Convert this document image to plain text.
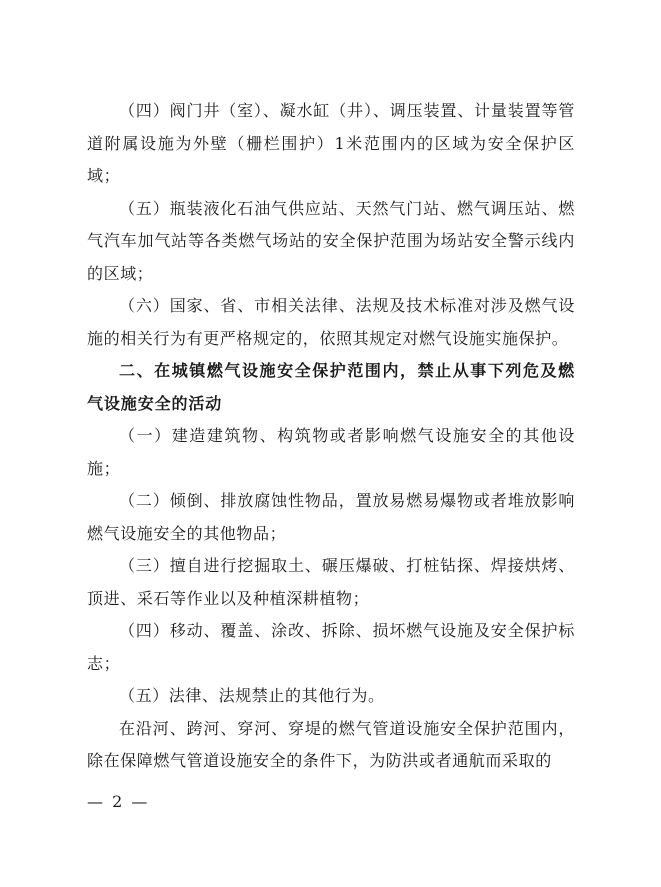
（四）阀门井（室）、凝水缸（井）、调压装置、计量装置等管道附属设施为外壁（栅栏围护）1米范围内的区域为安全保护区域；

（五）瓶装液化石油气供应站、天然气门站、燃气调压站、燃气汽车加气站等各类燃气场站的安全保护范围为场站安全警示线内的区域；

（六）国家、省、市相关法律、法规及技术标准对涉及燃气设施的相关行为有更严格规定的，依照其规定对燃气设施实施保护。

二、在城镇燃气设施安全保护范围内，禁止从事下列危及燃气设施安全的活动

（一）建造建筑物、构筑物或者影响燃气设施安全的其他设施；

（二）倾倒、排放腐蚀性物品，置放易燃易爆物或者堆放影响燃气设施安全的其他物品；

（三）擅自进行挖掘取土、碾压爆破、打桩钻探、焊接烘烤、顶进、采石等作业以及种植深耕植物；

（四）移动、覆盖、涂改、拆除、损坏燃气设施及安全保护标志；

（五）法律、法规禁止的其他行为。

在沿河、跨河、穿河、穿堤的燃气管道设施安全保护范围内，除在保障燃气管道设施安全的条件下，为防洪或者通航而采取的

— 2 —
